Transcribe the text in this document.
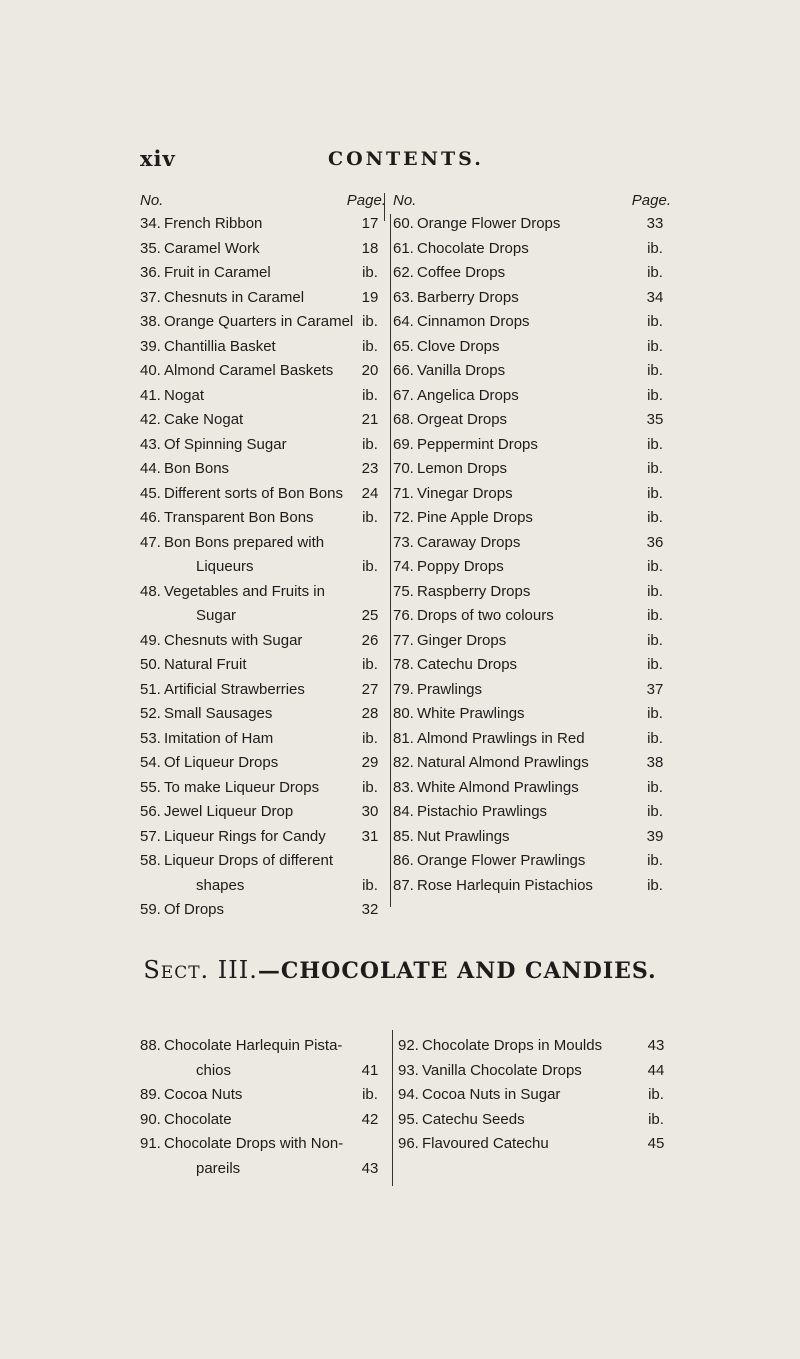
xiv	CONTENTS.
No.	Page.
34. French Ribbon	17
35. Caramel Work	18
36. Fruit in Caramel	ib.
37. Chesnuts in Caramel	19
38. Orange Quarters in Caramel ib.
39. Chantillia Basket	ib.
40. Almond Caramel Baskets	20
41. Nogat	ib.
42. Cake Nogat	21
43. Of Spinning Sugar	ib.
44. Bon Bons	23
45. Different sorts of Bon Bons	24
46. Transparent Bon Bons	ib.
47. Bon Bons prepared with
Liqueurs	ib.
48. Vegetables and Fruits in
Sugar	25
49. Chesnuts with Sugar	26
50. Natural Fruit	ib.
51. Artificial Strawberries	27
52. Small Sausages	28
53. Imitation of Ham	ib.
54. Of Liqueur Drops	29
55. To make Liqueur Drops	ib.
56. Jewel Liqueur Drop	30
57. Liqueur Rings for Candy	31
58. Liqueur Drops of different
shapes	ib.
59. Of Drops	32
No.	Page.
60. Orange Flower Drops	33
61. Chocolate Drops	ib.
62. Coffee Drops	ib.
63. Barberry Drops	34
64. Cinnamon Drops	ib.
65. Clove Drops	ib.
66. Vanilla Drops	ib.
67. Angelica Drops	ib.
68. Orgeat Drops	35
69. Peppermint Drops	ib.
70. Lemon Drops	ib.
71. Vinegar Drops	ib.
72. Pine Apple Drops	ib.
73. Caraway Drops	36
74. Poppy Drops	ib.
75. Raspberry Drops	ib.
76. Drops of two colours	ib.
77. Ginger Drops	ib.
78. Catechu Drops	ib.
79. Prawlings	37
80. White Prawlings	ib.
81. Almond Prawlings in Red	ib.
82. Natural Almond Prawlings	38
83. White Almond Prawlings	ib.
84. Pistachio Prawlings	ib.
85. Nut Prawlings	39
86. Orange Flower Prawlings	ib.
87. Rose Harlequin Pistachios	ib.
Sect. III.—CHOCOLATE AND CANDIES.
88. Chocolate Harlequin Pista-
chios	41
89. Cocoa Nuts	ib.
90. Chocolate	42
91. Chocolate Drops with Non-
pareils	43
92. Chocolate Drops in Moulds	43
93. Vanilla Chocolate Drops	44
94. Cocoa Nuts in Sugar	ib.
95. Catechu Seeds	ib.
96. Flavoured Catechu	45
